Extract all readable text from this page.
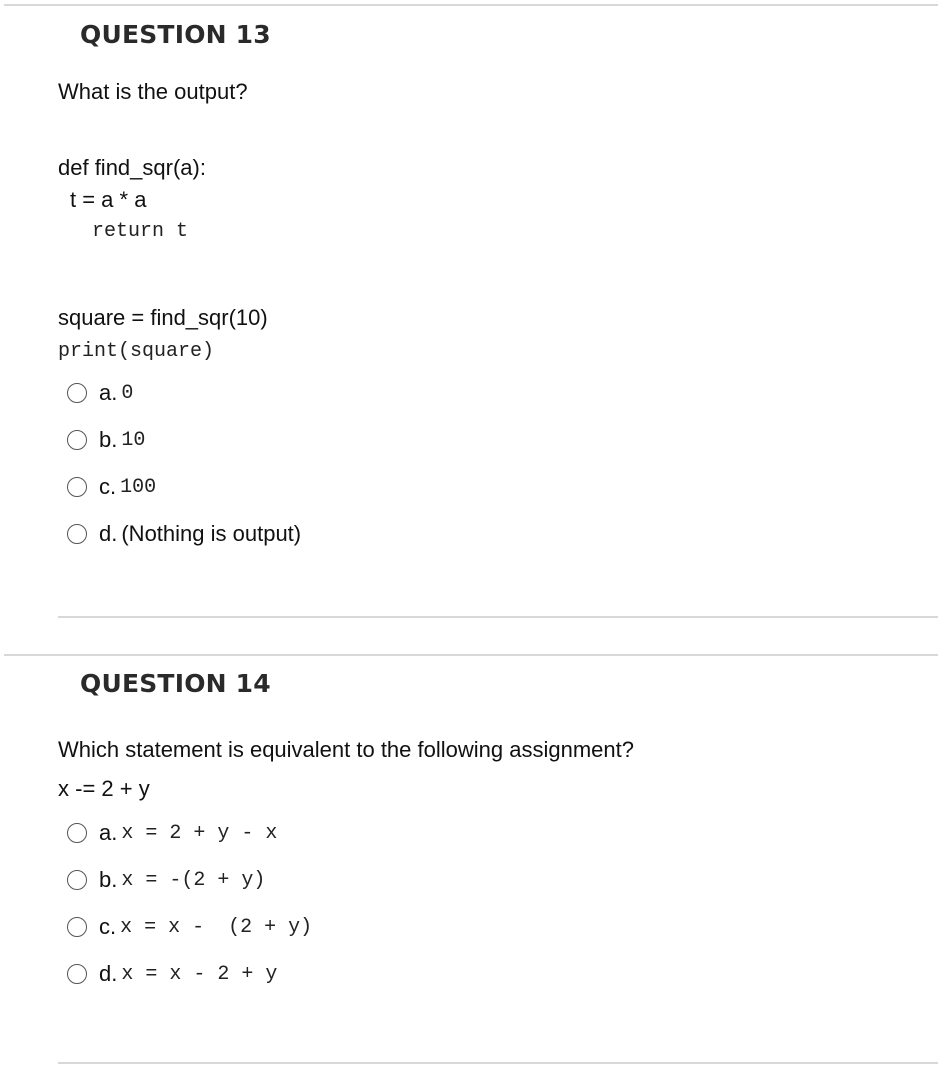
QUESTION 13
What is the output?
def find_sqr(a):
t = a * a
return t
square = find_sqr(10)
print(square)
a. 0
b. 10
c. 100
d. (Nothing is output)
QUESTION 14
Which statement is equivalent to the following assignment?
x -= 2 + y
a. x = 2 + y - x
b. x = -(2 + y)
c. x = x -  (2 + y)
d. x = x - 2 + y
